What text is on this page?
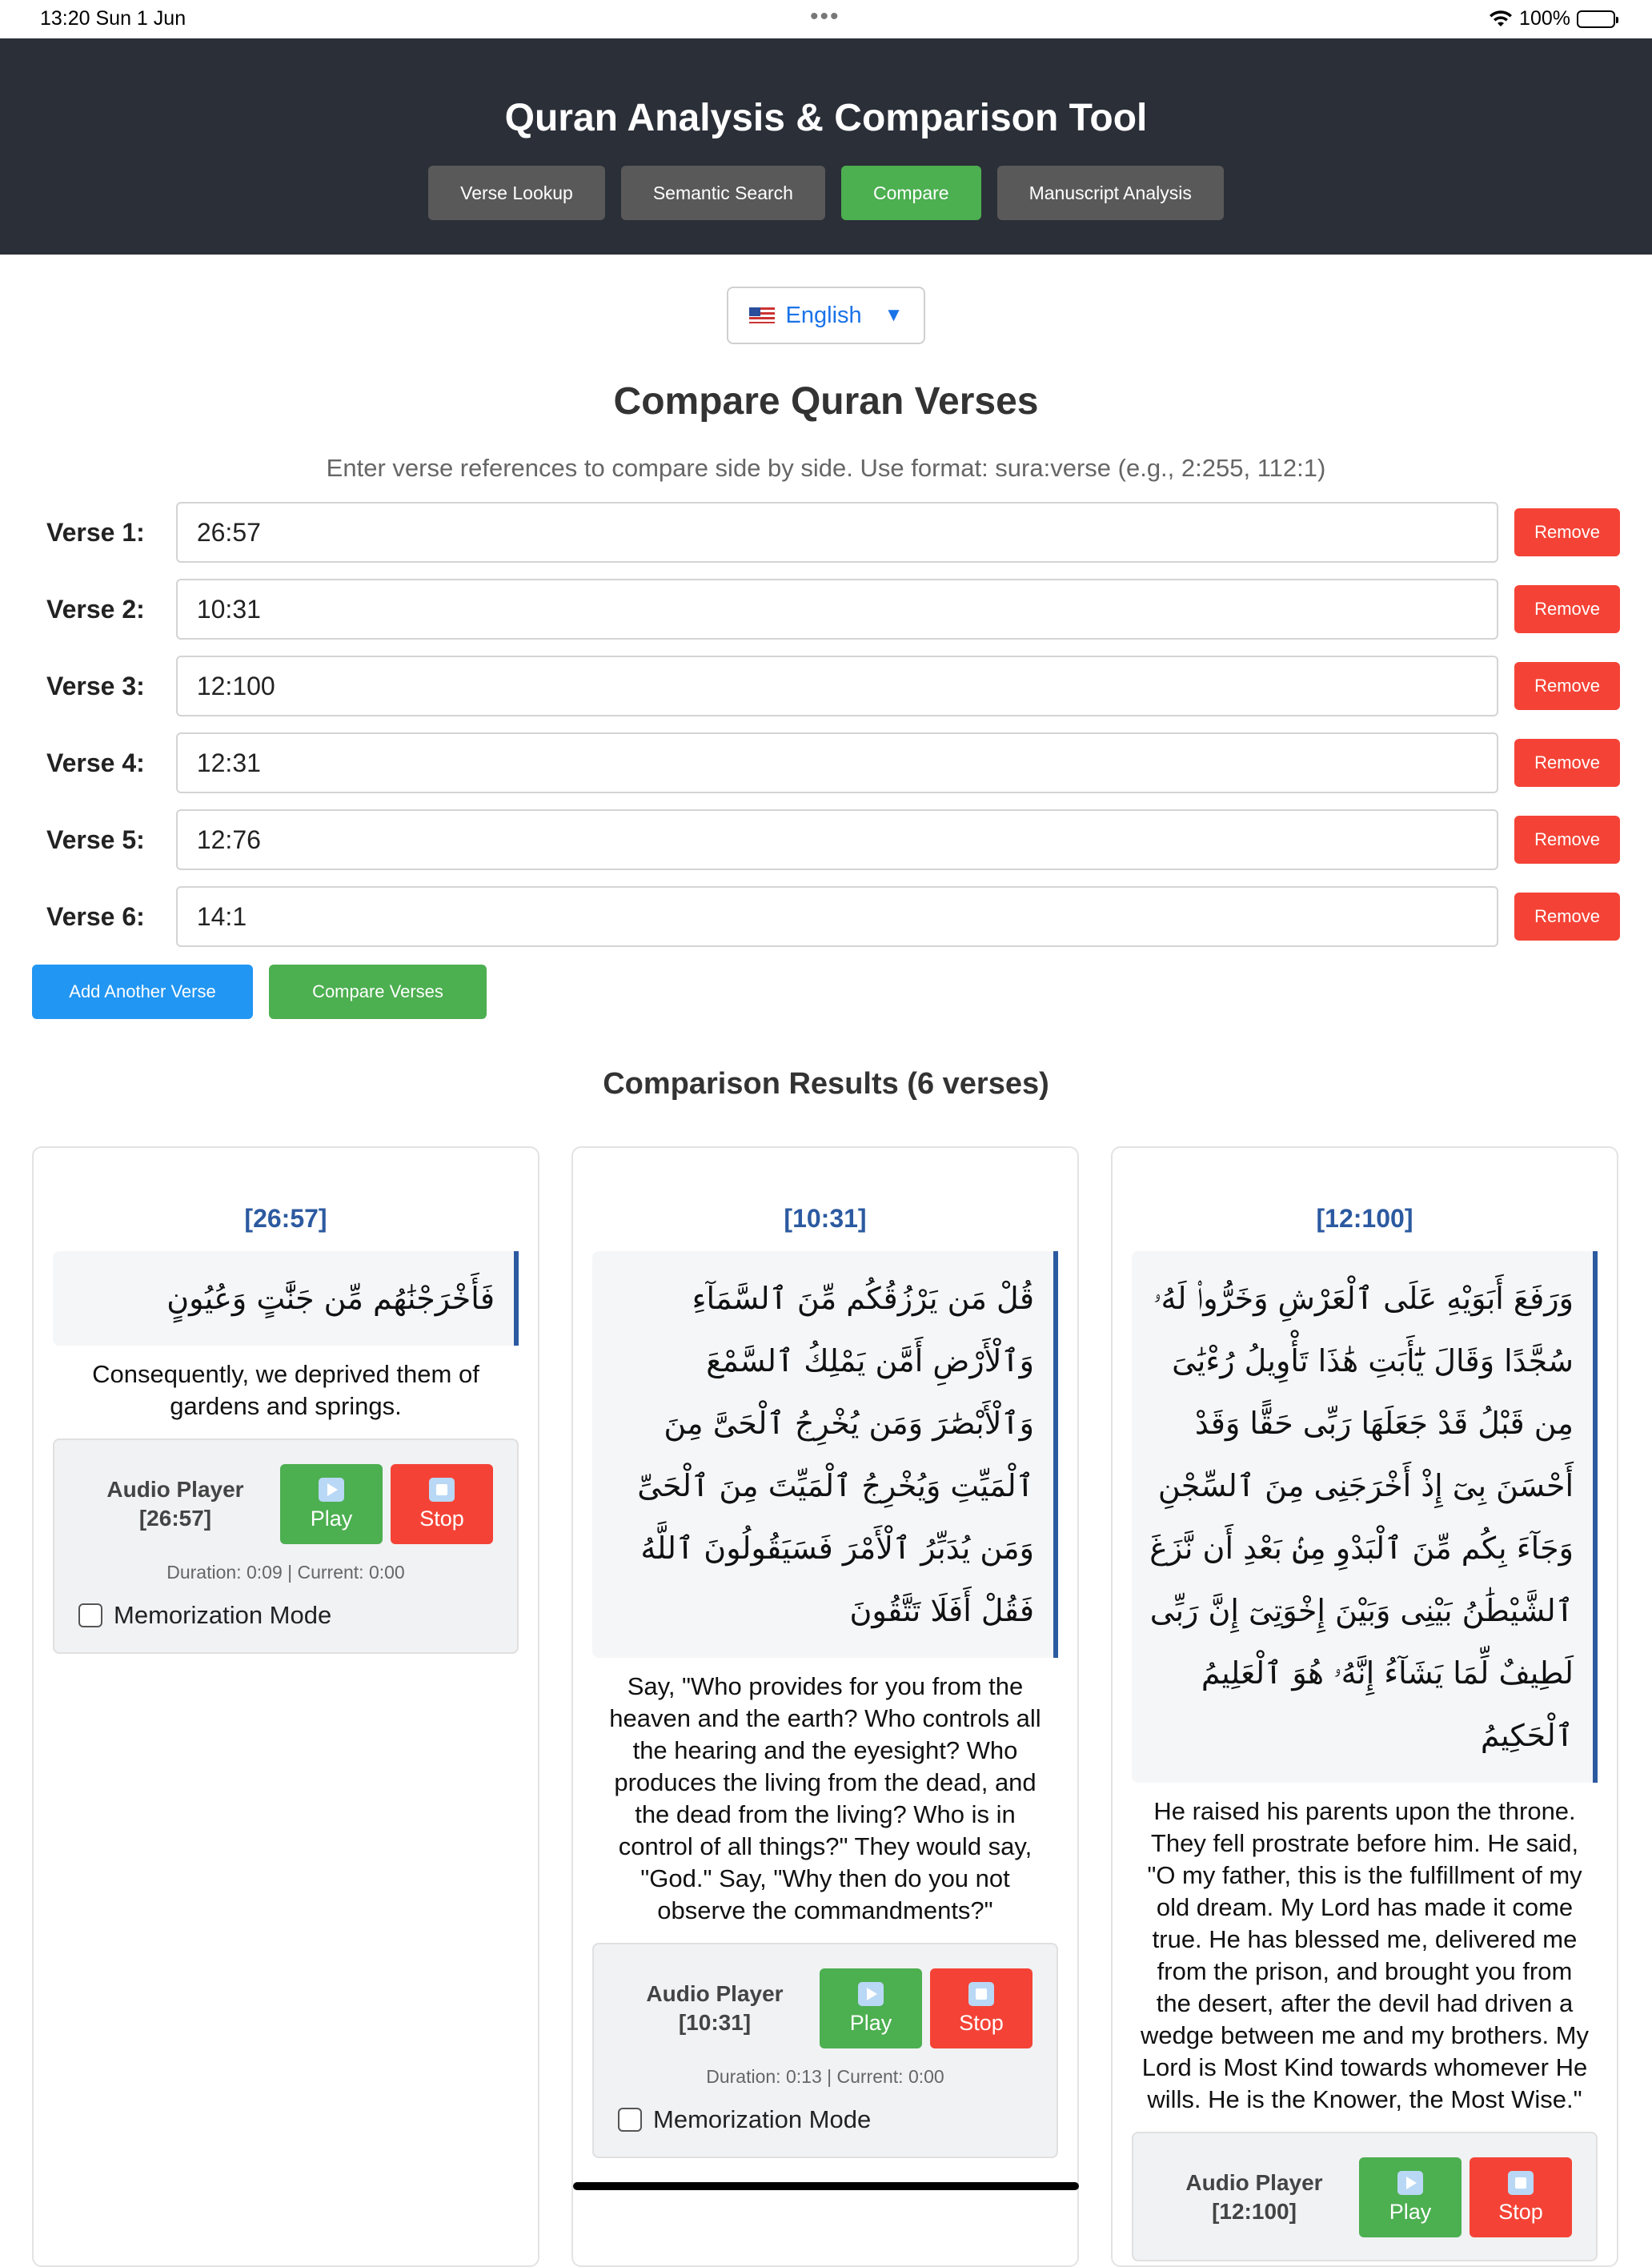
13:20 Sun 1 Jun	•••	100%
Quran Analysis & Comparison Tool
Verse Lookup	Semantic Search	Compare	Manuscript Analysis
English ▼
Compare Quran Verses
Enter verse references to compare side by side. Use format: sura:verse (e.g., 2:255, 112:1)
Verse 1:	26:57	Remove
Verse 2:	10:31	Remove
Verse 3:	12:100	Remove
Verse 4:	12:31	Remove
Verse 5:	12:76	Remove
Verse 6:	14:1	Remove
Add Another Verse	Compare Verses
Comparison Results (6 verses)
[26:57]
فَأَخْرَجْنَٰهُم مِّن جَنَّٰتٍ وَعُيُونٍ
Consequently, we deprived them of gardens and springs.
Audio Player [26:57]	Play	Stop
Duration: 0:09 | Current: 0:00
Memorization Mode
[10:31]
قُلْ مَن يَرْزُقُكُم مِّنَ ٱلسَّمَآءِ وَٱلْأَرْضِ أَمَّن يَمْلِكُ ٱلسَّمْعَ وَٱلْأَبْصَٰرَ وَمَن يُخْرِجُ ٱلْحَىَّ مِنَ ٱلْمَيِّتِ وَيُخْرِجُ ٱلْمَيِّتَ مِنَ ٱلْحَىِّ وَمَن يُدَبِّرُ ٱلْأَمْرَ فَسَيَقُولُونَ ٱللَّهُ فَقُلْ أَفَلَا تَتَّقُونَ
Say, "Who provides for you from the heaven and the earth? Who controls all the hearing and the eyesight? Who produces the living from the dead, and the dead from the living? Who is in control of all things?" They would say, "God." Say, "Why then do you not observe the commandments?"
Audio Player [10:31]	Play	Stop
Duration: 0:13 | Current: 0:00
Memorization Mode
[12:100]
وَرَفَعَ أَبَوَيْهِ عَلَى ٱلْعَرْشِ وَخَرُّوا۟ لَهُۥ سُجَّدًا وَقَالَ يَٰٓأَبَتِ هَٰذَا تَأْوِيلُ رُءْيَٰىَ مِن قَبْلُ قَدْ جَعَلَهَا رَبِّى حَقًّا وَقَدْ أَحْسَنَ بِىٓ إِذْ أَخْرَجَنِى مِنَ ٱلسِّجْنِ وَجَآءَ بِكُم مِّنَ ٱلْبَدْوِ مِنۢ بَعْدِ أَن نَّزَغَ ٱلشَّيْطَٰنُ بَيْنِى وَبَيْنَ إِخْوَتِىٓ إِنَّ رَبِّى لَطِيفٌ لِّمَا يَشَآءُ إِنَّهُۥ هُوَ ٱلْعَلِيمُ ٱلْحَكِيمُ
He raised his parents upon the throne. They fell prostrate before him. He said, "O my father, this is the fulfillment of my old dream. My Lord has made it come true. He has blessed me, delivered me from the prison, and brought you from the desert, after the devil had driven a wedge between me and my brothers. My Lord is Most Kind towards whomever He wills. He is the Knower, the Most Wise."
Audio Player [12:100]	Play	Stop
